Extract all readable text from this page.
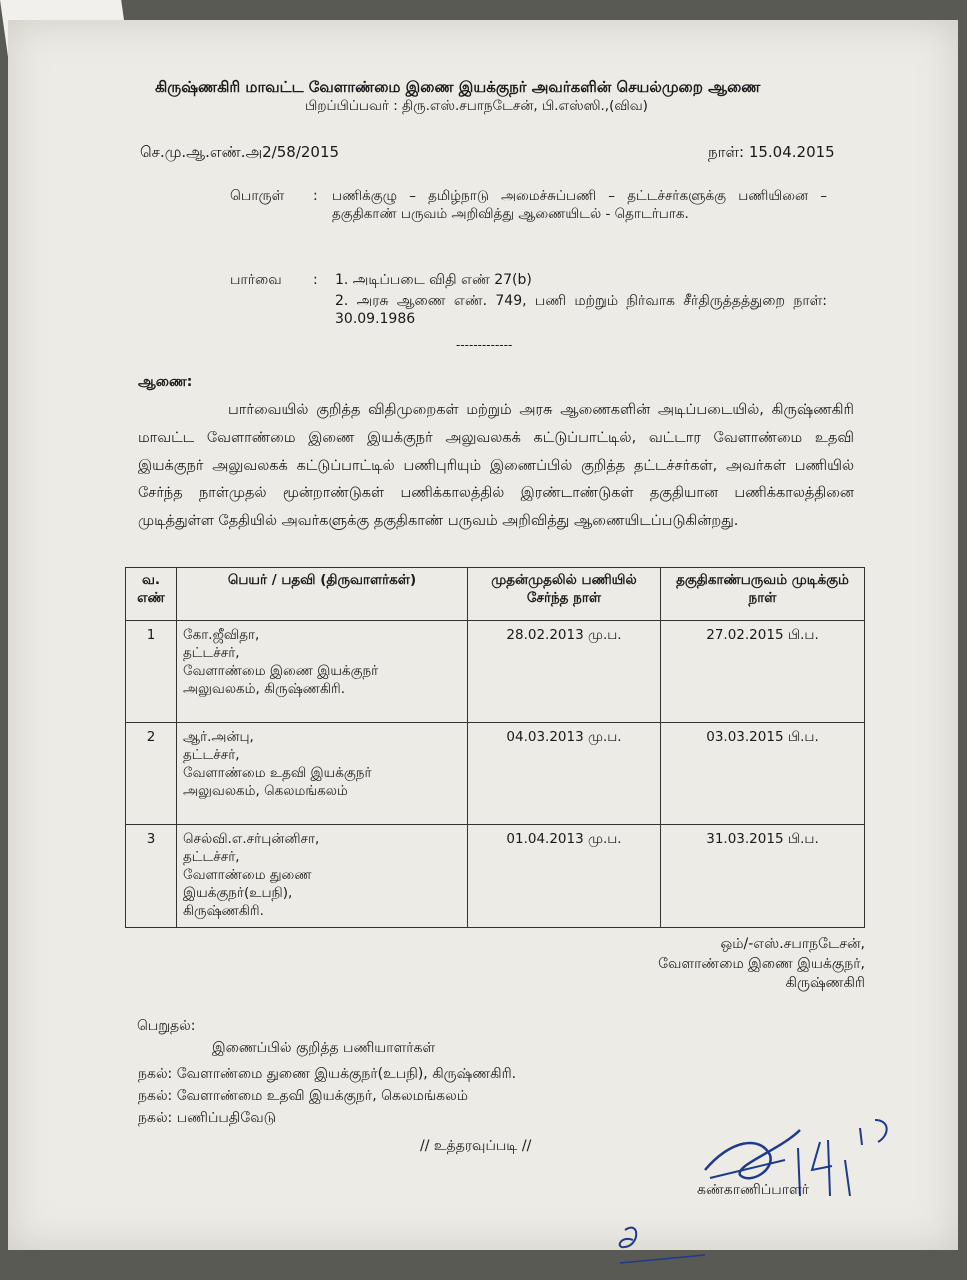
கிருஷ்ணகிரி மாவட்ட வேளாண்மை இணை இயக்குநர் அவர்களின் செயல்முறை ஆணை
பிறப்பிப்பவர் : திரு.எஸ்.சபாநடேசன், பி.எஸ்ஸி.,(விவ)
செ.மு.ஆ.எண்.அ2/58/2015	நாள்: 15.04.2015
பொருள் : பணிக்குழு – தமிழ்நாடு அமைச்சுப்பணி – தட்டச்சர்களுக்கு பணியினை – தகுதிகாண் பருவம் அறிவித்து ஆணையிடல் - தொடர்பாக.
பார்வை : 1. அடிப்படை விதி எண் 27(b)
2. அரசு ஆணை எண். 749, பணி மற்றும் நிர்வாக சீர்திருத்தத்துறை நாள்: 30.09.1986
-------------
ஆணை:
பார்வையில் குறித்த விதிமுறைகள் மற்றும் அரசு ஆணைகளின் அடிப்படையில், கிருஷ்ணகிரி மாவட்ட வேளாண்மை இணை இயக்குநர் அலுவலகக் கட்டுப்பாட்டில், வட்டார வேளாண்மை உதவி இயக்குநர் அலுவலகக் கட்டுப்பாட்டில் பணிபுரியும் இணைப்பில் குறித்த தட்டச்சர்கள், அவர்கள் பணியில் சேர்ந்த நாள்முதல் மூன்றாண்டுகள் பணிக்காலத்தில் இரண்டாண்டுகள் தகுதியான பணிக்காலத்தினை முடித்துள்ள தேதியில் அவர்களுக்கு தகுதிகாண் பருவம் அறிவித்து ஆணையிடப்படுகின்றது.
வ. எண்	பெயர் / பதவி (திருவாளர்கள்)	முதன்முதலில் பணியில் சேர்ந்த நாள்	தகுதிகாண்பருவம் முடிக்கும் நாள்
1	கோ.ஜீவிதா,
தட்டச்சர்,
வேளாண்மை இணை இயக்குநர்
அலுவலகம், கிருஷ்ணகிரி.	28.02.2013 மு.ப.	27.02.2015 பி.ப.
2	ஆர்.அன்பு,
தட்டச்சர்,
வேளாண்மை உதவி இயக்குநர்
அலுவலகம், கெலமங்கலம்	04.03.2013 மு.ப.	03.03.2015 பி.ப.
3	செல்வி.எ.சர்புன்னிசா,
தட்டச்சர்,
வேளாண்மை துணை
இயக்குநர்(உபநி),
கிருஷ்ணகிரி.	01.04.2013 மு.ப.	31.03.2015 பி.ப.
ஒம்/-எஸ்.சபாநடேசன்,
வேளாண்மை இணை இயக்குநர்,
கிருஷ்ணகிரி
பெறுதல்:
இணைப்பில் குறித்த பணியாளர்கள்
நகல்: வேளாண்மை துணை இயக்குநர்(உபநி), கிருஷ்ணகிரி.
நகல்: வேளாண்மை உதவி இயக்குநர், கெலமங்கலம்
நகல்: பணிப்பதிவேடு
// உத்தரவுப்படி //
கண்காணிப்பாளர்
